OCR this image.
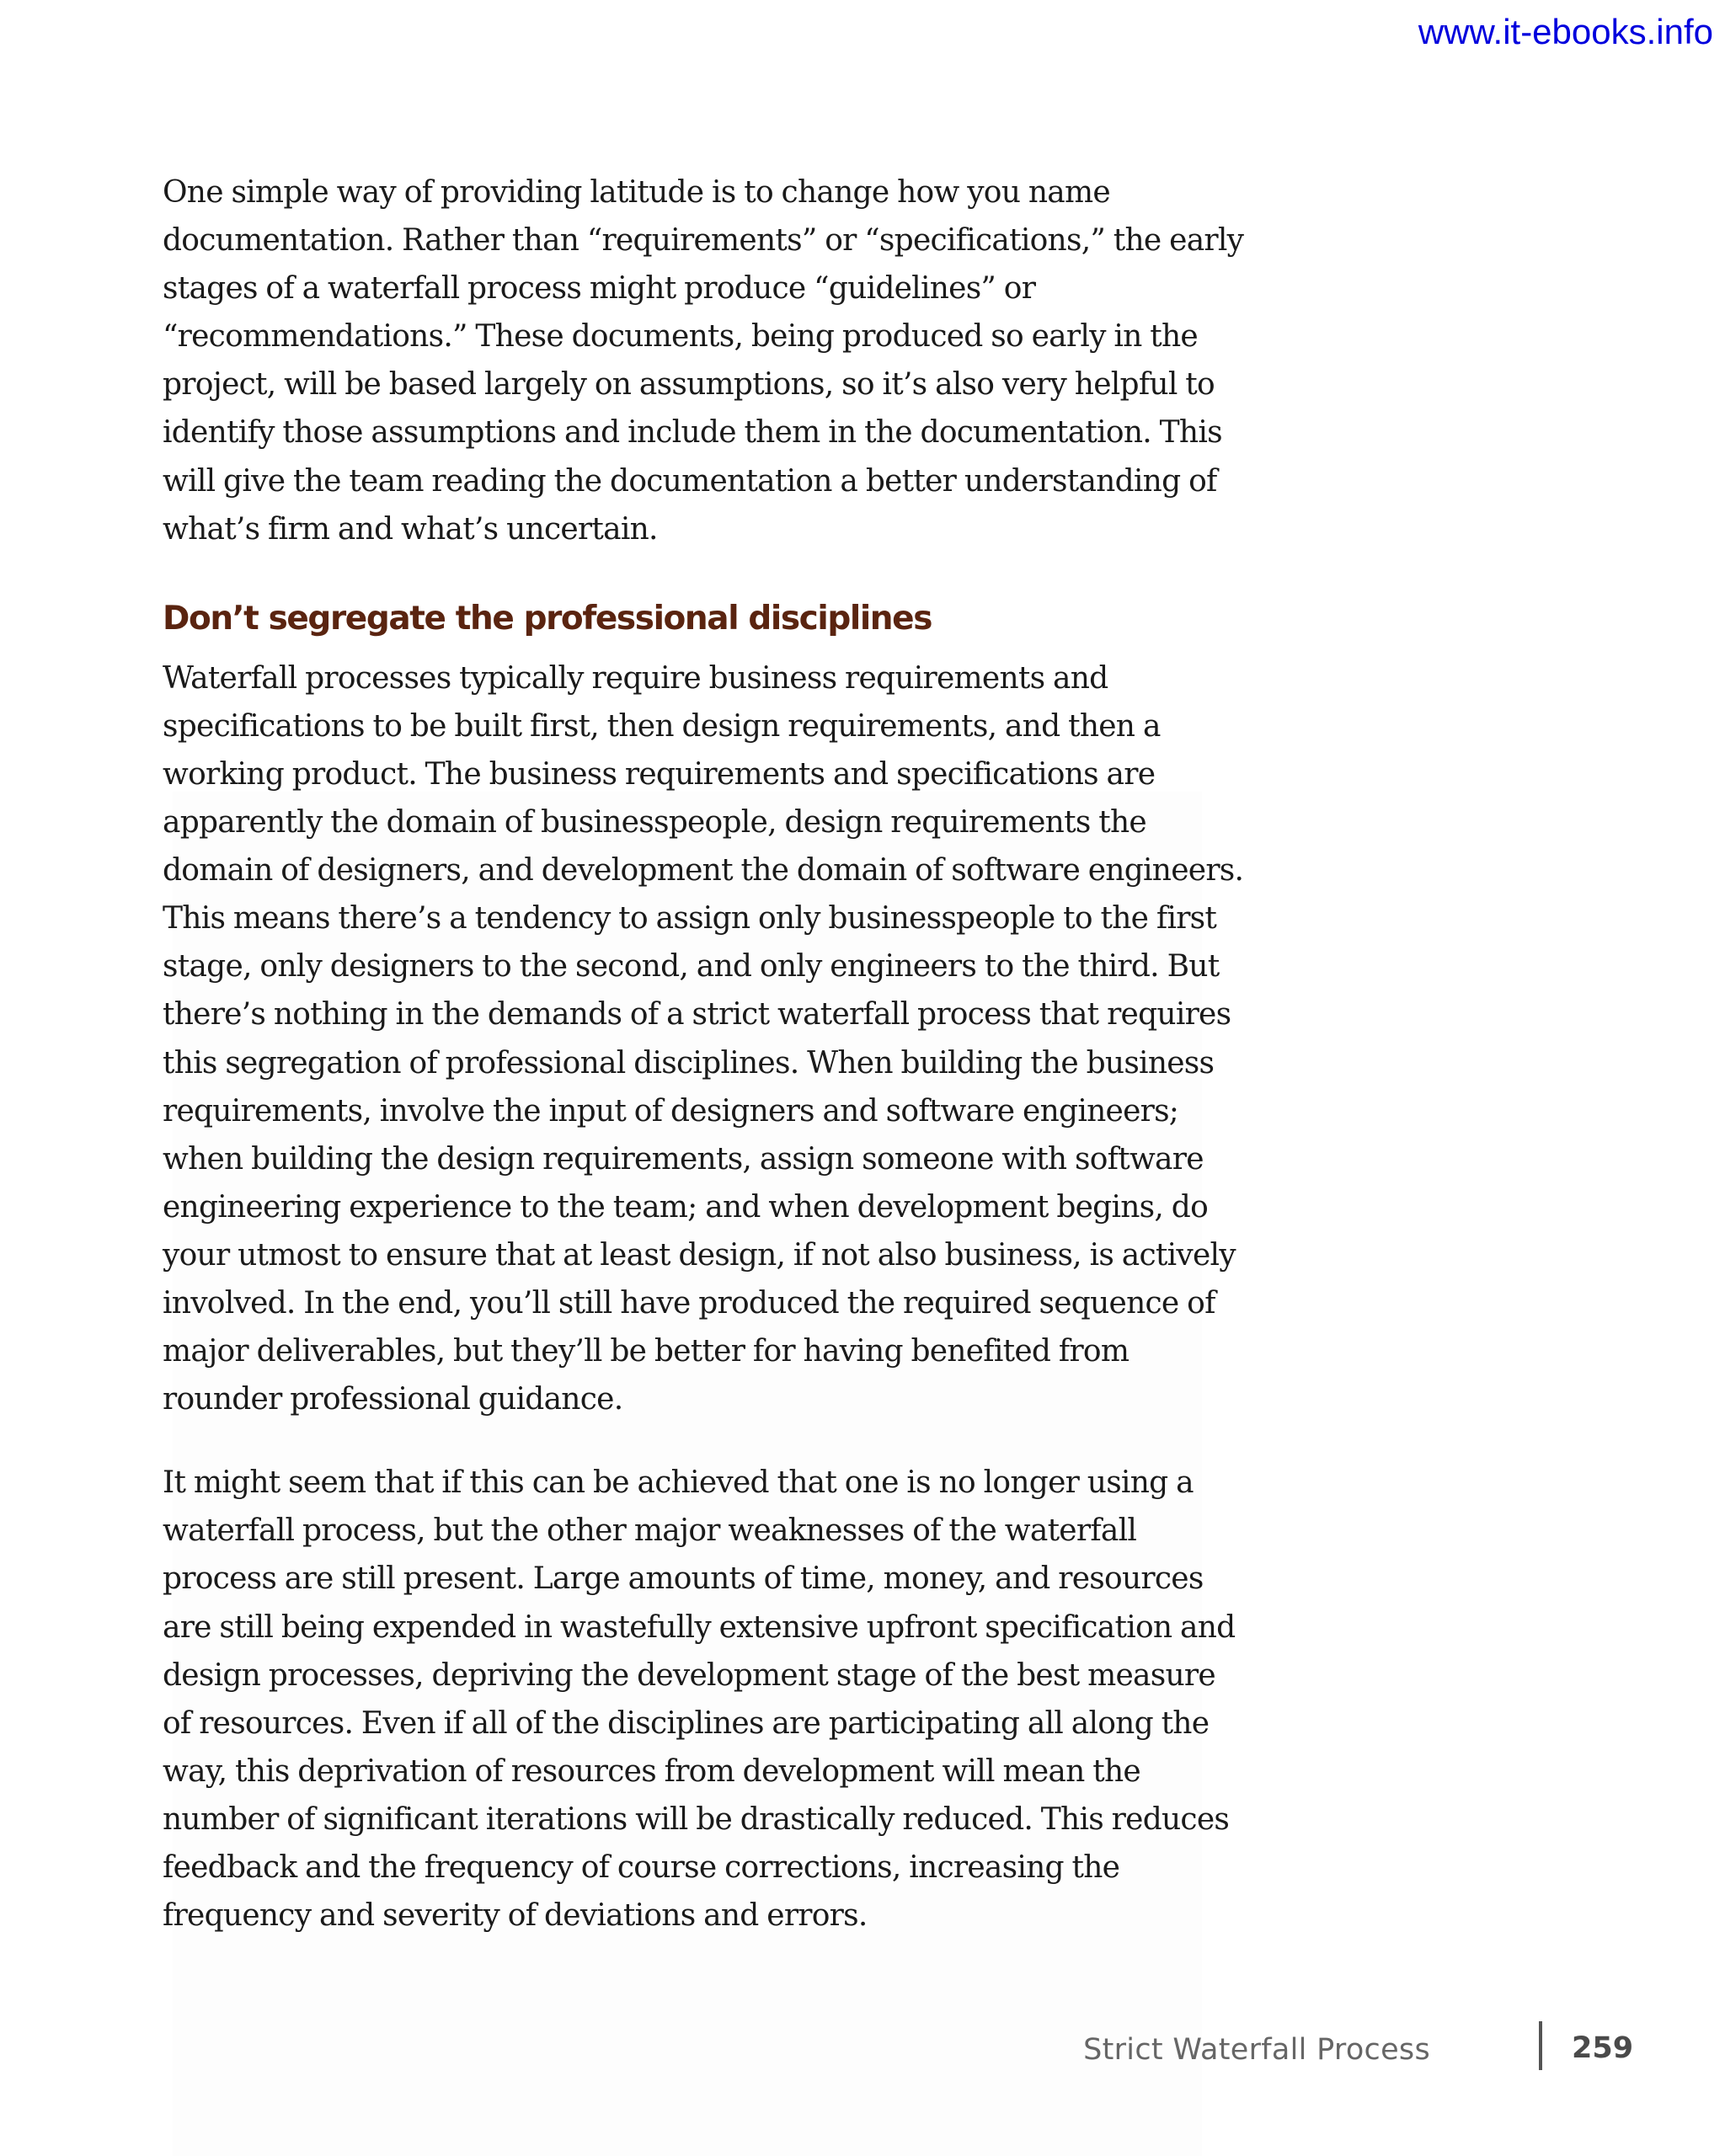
www.it-ebooks.info

One simple way of providing latitude is to change how you name documentation. Rather than “requirements” or “specifications,” the early stages of a waterfall process might produce “guidelines” or “recommendations.” These documents, being produced so early in the project, will be based largely on assumptions, so it’s also very helpful to identify those assumptions and include them in the documentation. This will give the team reading the documentation a better understanding of what’s firm and what’s uncertain.

Don’t segregate the professional disciplines

Waterfall processes typically require business requirements and specifications to be built first, then design requirements, and then a working product. The business requirements and specifications are apparently the domain of businesspeople, design requirements the domain of designers, and development the domain of software engineers. This means there’s a tendency to assign only businesspeople to the first stage, only designers to the second, and only engineers to the third. But there’s nothing in the demands of a strict waterfall process that requires this segregation of professional disciplines. When building the business requirements, involve the input of designers and software engineers; when building the design requirements, assign someone with software engineering experience to the team; and when development begins, do your utmost to ensure that at least design, if not also business, is actively involved. In the end, you’ll still have produced the required sequence of major deliverables, but they’ll be better for having benefited from rounder professional guidance.

It might seem that if this can be achieved that one is no longer using a waterfall process, but the other major weaknesses of the waterfall process are still present. Large amounts of time, money, and resources are still being expended in wastefully extensive upfront specification and design processes, depriving the development stage of the best measure of resources. Even if all of the disciplines are participating all along the way, this deprivation of resources from development will mean the number of significant iterations will be drastically reduced. This reduces feedback and the frequency of course corrections, increasing the frequency and severity of deviations and errors.

Strict Waterfall Process	259
